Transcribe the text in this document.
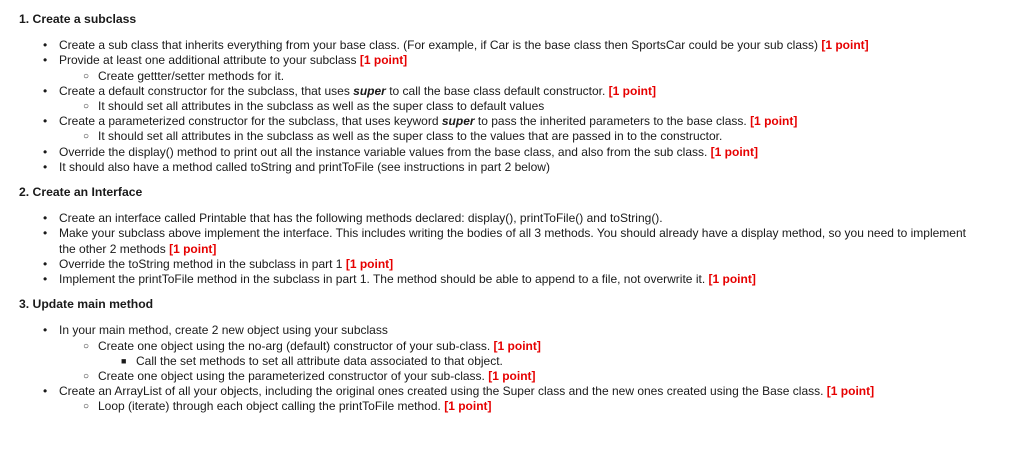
1. Create a subclass
• Create a sub class that inherits everything from your base class. (For example, if Car is the base class then SportsCar could be your sub class) [1 point]
• Provide at least one additional attribute to your subclass [1 point]
○ Create gettter/setter methods for it.
• Create a default constructor for the subclass, that uses super to call the base class default constructor. [1 point]
○ It should set all attributes in the subclass as well as the super class to default values
• Create a parameterized constructor for the subclass, that uses keyword super to pass the inherited parameters to the base class. [1 point]
○ It should set all attributes in the subclass as well as the super class to the values that are passed in to the constructor.
• Override the display() method to print out all the instance variable values from the base class, and also from the sub class. [1 point]
• It should also have a method called toString and printToFile (see instructions in part 2 below)
2. Create an Interface
• Create an interface called Printable that has the following methods declared: display(), printToFile() and toString().
• Make your subclass above implement the interface. This includes writing the bodies of all 3 methods. You should already have a display method, so you need to implement the other 2 methods [1 point]
• Override the toString method in the subclass in part 1 [1 point]
• Implement the printToFile method in the subclass in part 1. The method should be able to append to a file, not overwrite it. [1 point]
3. Update main method
• In your main method, create 2 new object using your subclass
○ Create one object using the no-arg (default) constructor of your sub-class. [1 point]
■ Call the set methods to set all attribute data associated to that object.
○ Create one object using the parameterized constructor of your sub-class. [1 point]
• Create an ArrayList of all your objects, including the original ones created using the Super class and the new ones created using the Base class. [1 point]
○ Loop (iterate) through each object calling the printToFile method. [1 point]
